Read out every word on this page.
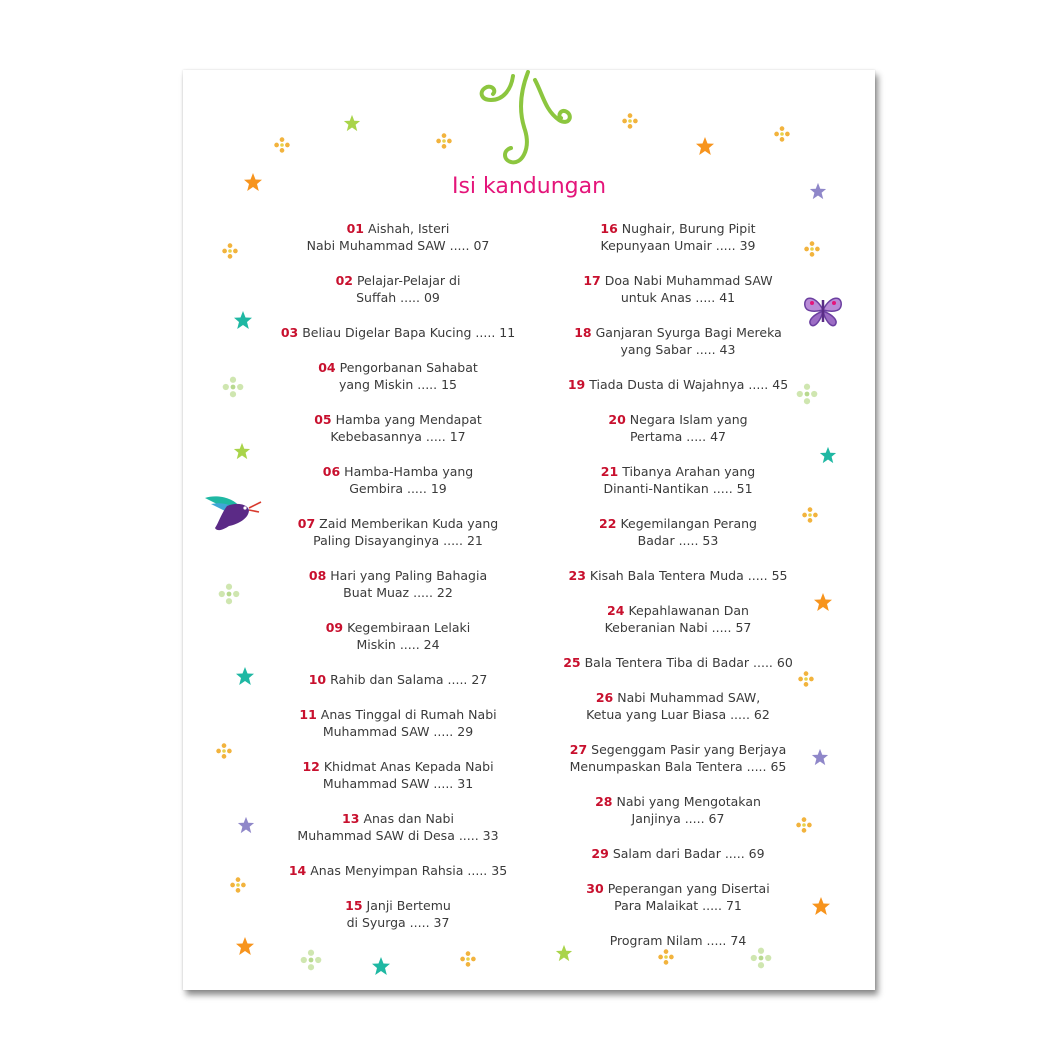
Isi kandungan
01 Aishah, Isteri
Nabi Muhammad SAW ..... 07
02 Pelajar-Pelajar di
Suffah ..... 09
03 Beliau Digelar Bapa Kucing ..... 11
04 Pengorbanan Sahabat
yang Miskin ..... 15
05 Hamba yang Mendapat
Kebebasannya ..... 17
06 Hamba-Hamba yang
Gembira ..... 19
07 Zaid Memberikan Kuda yang
Paling Disayanginya ..... 21
08 Hari yang Paling Bahagia
Buat Muaz ..... 22
09 Kegembiraan Lelaki
Miskin ..... 24
10 Rahib dan Salama ..... 27
11 Anas Tinggal di Rumah Nabi
Muhammad SAW ..... 29
12 Khidmat Anas Kepada Nabi
Muhammad SAW ..... 31
13 Anas dan Nabi
Muhammad SAW di Desa ..... 33
14 Anas Menyimpan Rahsia ..... 35
15 Janji Bertemu
di Syurga ..... 37
16 Nughair, Burung Pipit
Kepunyaan Umair ..... 39
17 Doa Nabi Muhammad SAW
untuk Anas ..... 41
18 Ganjaran Syurga Bagi Mereka
yang Sabar ..... 43
19 Tiada Dusta di Wajahnya ..... 45
20 Negara Islam yang
Pertama ..... 47
21 Tibanya Arahan yang
Dinanti-Nantikan ..... 51
22 Kegemilangan Perang
Badar ..... 53
23 Kisah Bala Tentera Muda ..... 55
24 Kepahlawanan Dan
Keberanian Nabi ..... 57
25 Bala Tentera Tiba di Badar ..... 60
26 Nabi Muhammad SAW,
Ketua yang Luar Biasa ..... 62
27 Segenggam Pasir yang Berjaya
Menumpaskan Bala Tentera ..... 65
28 Nabi yang Mengotakan
Janjinya ..... 67
29 Salam dari Badar ..... 69
30 Peperangan yang Disertai
Para Malaikat ..... 71
Program Nilam ..... 74
